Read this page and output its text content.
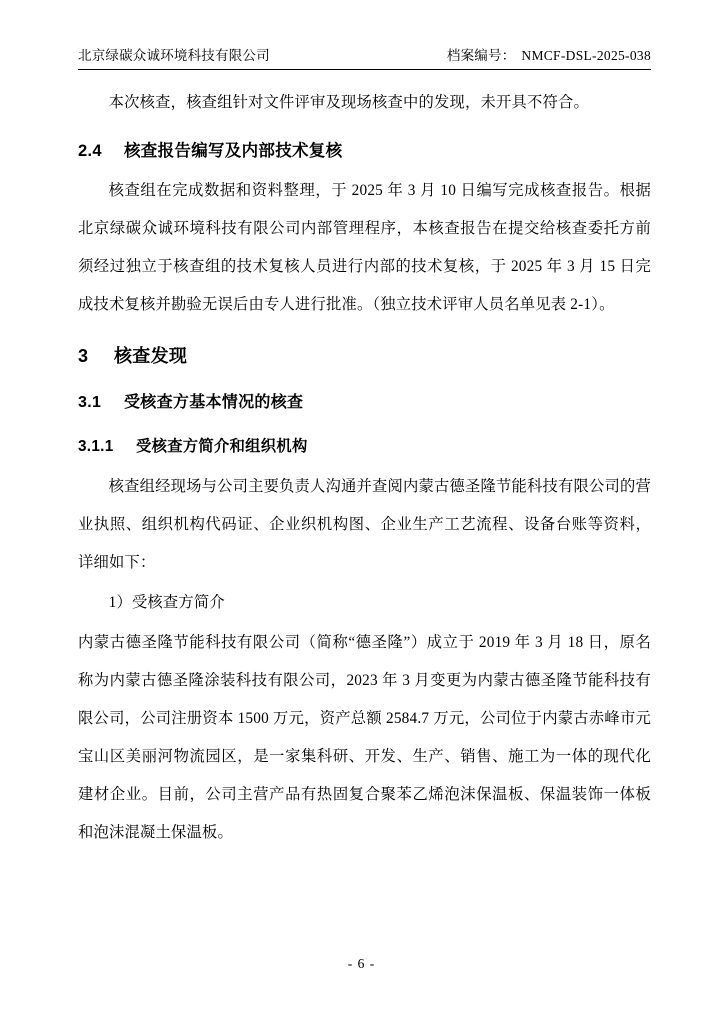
北京绿碳众诚环境科技有限公司	档案编号： NMCF-DSL-2025-038

本次核查，核查组针对文件评审及现场核查中的发现，未开具不符合。

2.4 核查报告编写及内部技术复核

核查组在完成数据和资料整理，于 2025 年 3 月 10 日编写完成核查报告。根据北京绿碳众诚环境科技有限公司内部管理程序，本核查报告在提交给核查委托方前须经过独立于核查组的技术复核人员进行内部的技术复核，于 2025 年 3 月 15 日完成技术复核并勘验无误后由专人进行批准。（独立技术评审人员名单见表 2-1）。

3 核查发现
3.1 受核查方基本情况的核查
3.1.1 受核查方简介和组织机构

核查组经现场与公司主要负责人沟通并查阅内蒙古德圣隆节能科技有限公司的营业执照、组织机构代码证、企业织机构图、企业生产工艺流程、设备台账等资料，详细如下：

1）受核查方简介

内蒙古德圣隆节能科技有限公司（简称“德圣隆”）成立于 2019 年 3 月 18 日，原名称为内蒙古德圣隆涂装科技有限公司，2023 年 3 月变更为内蒙古德圣隆节能科技有限公司，公司注册资本 1500 万元，资产总额 2584.7 万元，公司位于内蒙古赤峰市元宝山区美丽河物流园区，是一家集科研、开发、生产、销售、施工为一体的现代化建材企业。目前，公司主营产品有热固复合聚苯乙烯泡沫保温板、保温装饰一体板和泡沫混凝土保温板。

- 6 -
